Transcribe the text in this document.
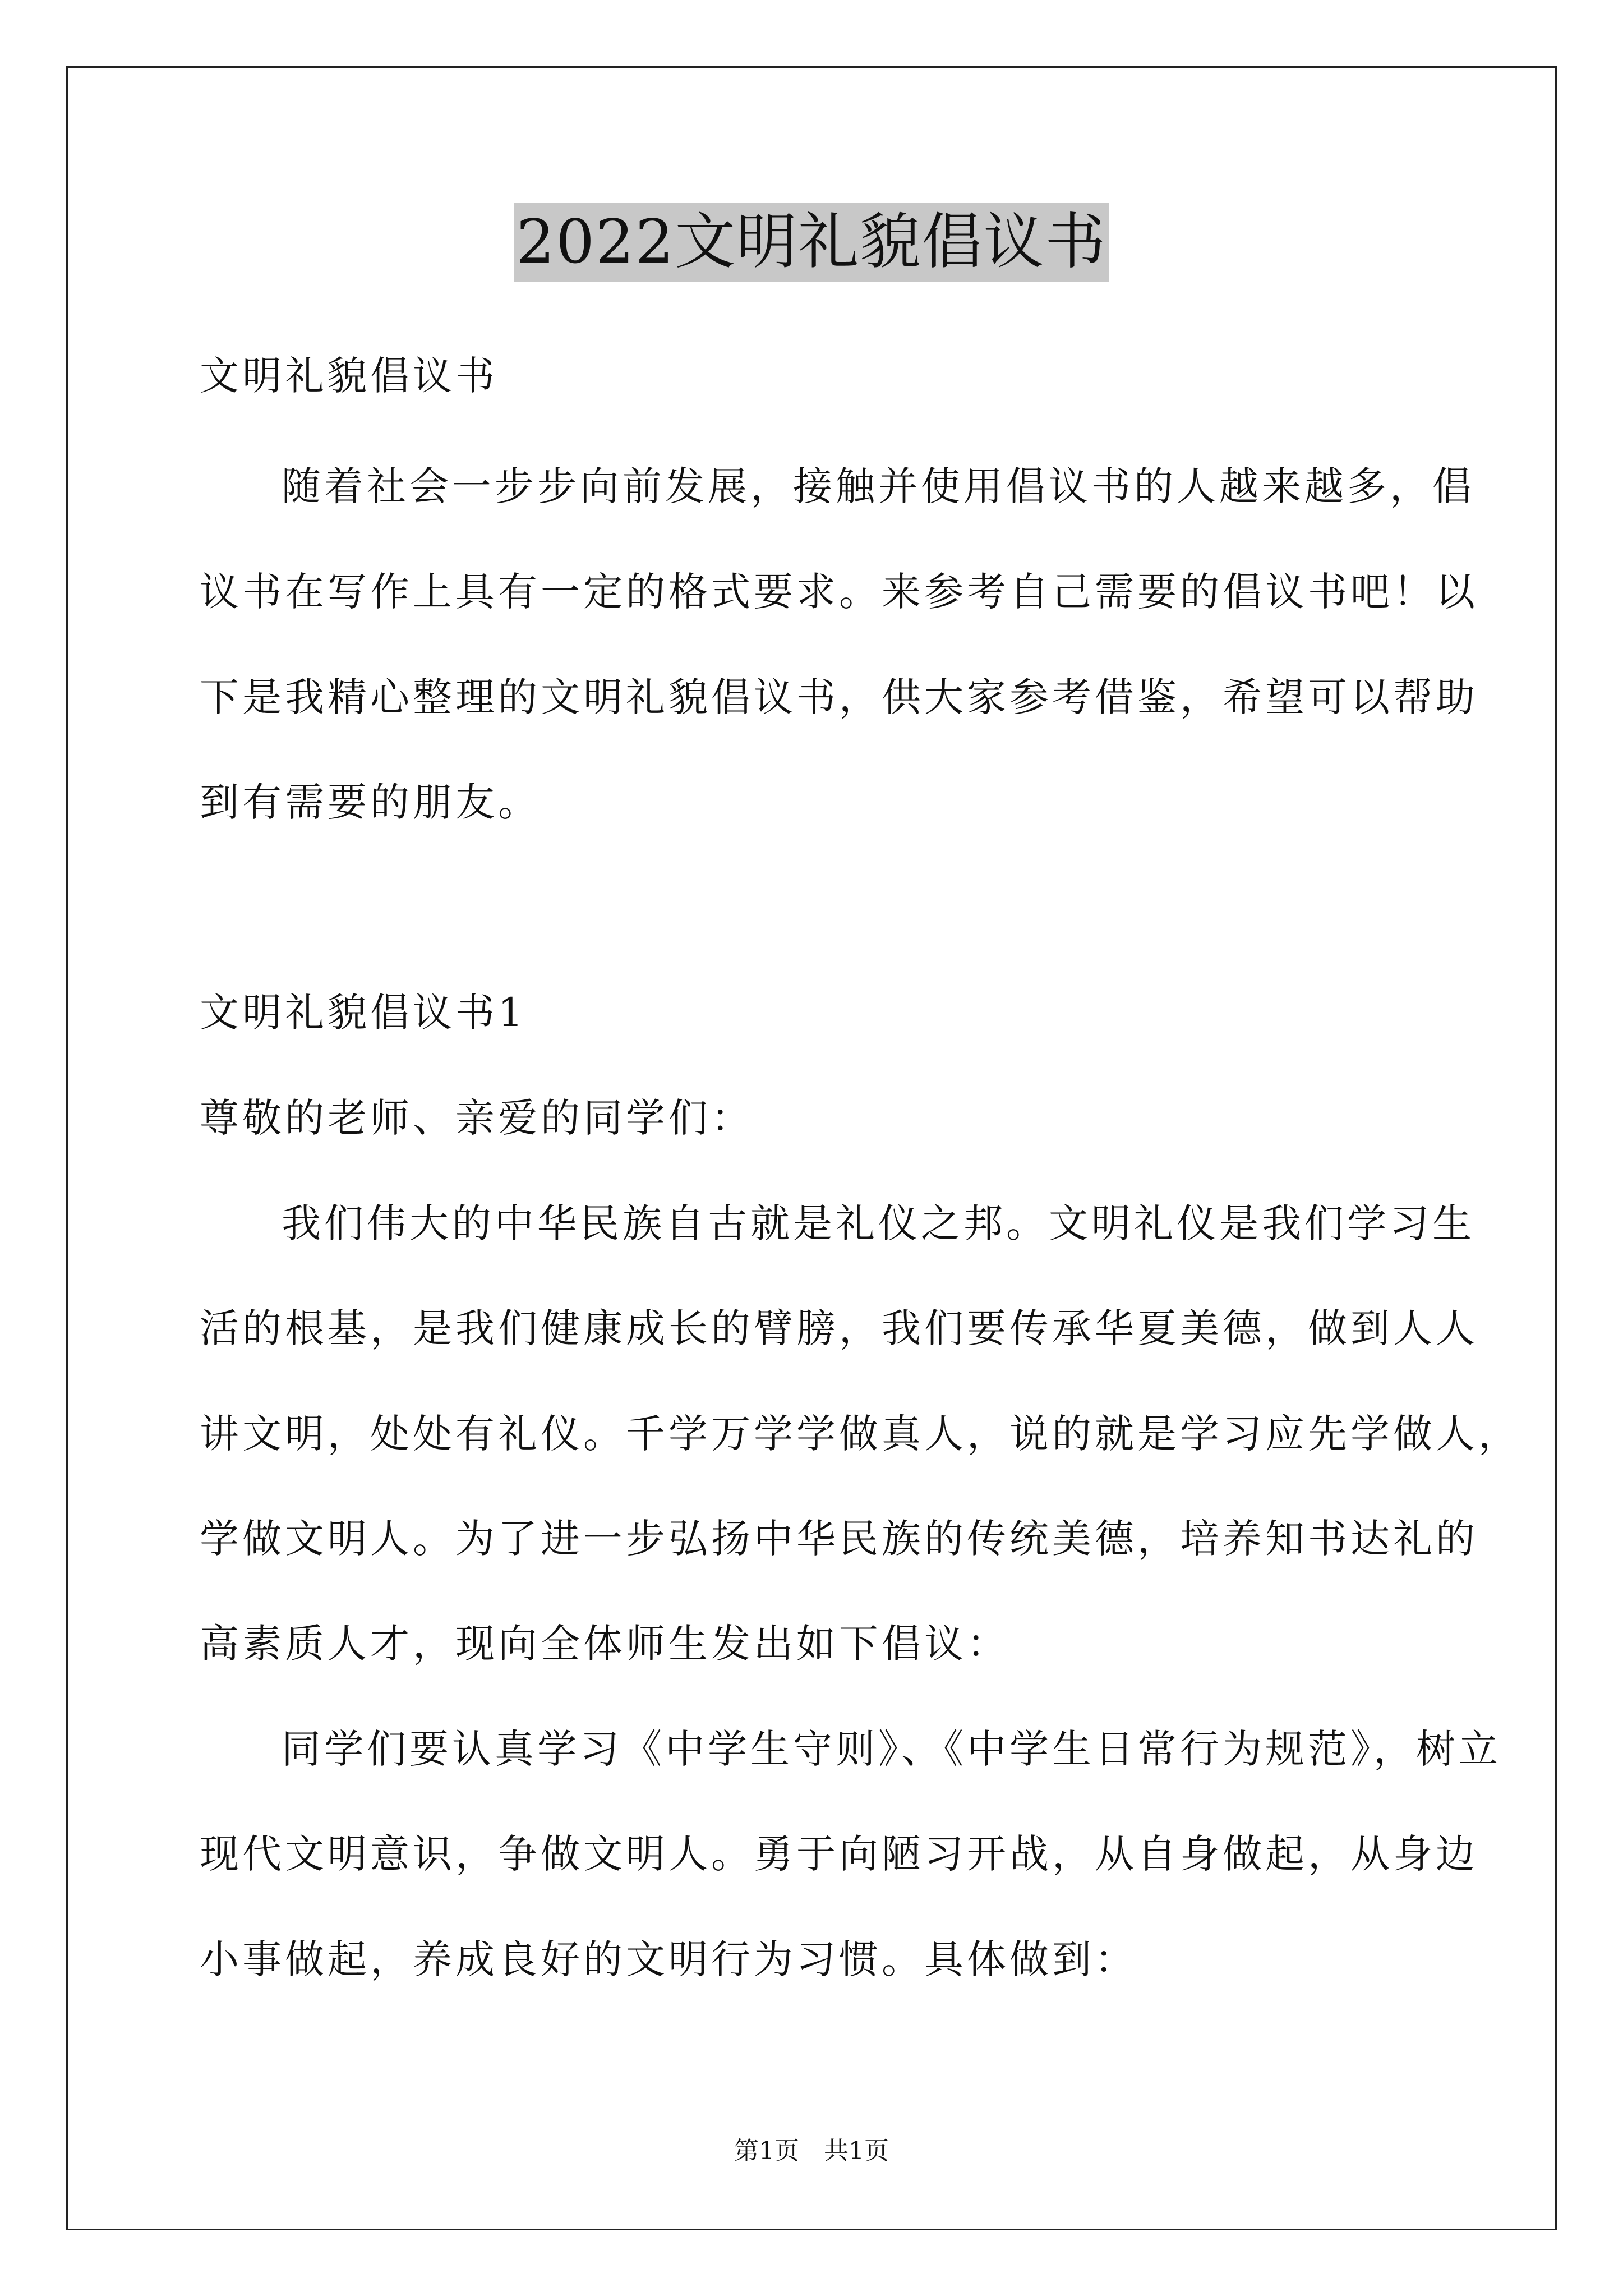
2022文明礼貌倡议书
文明礼貌倡议书
随着社会一步步向前发展，接触并使用倡议书的人越来越多，倡
议书在写作上具有一定的格式要求。来参考自己需要的倡议书吧！以
下是我精心整理的文明礼貌倡议书，供大家参考借鉴，希望可以帮助
到有需要的朋友。
文明礼貌倡议书1
尊敬的老师、亲爱的同学们：
我们伟大的中华民族自古就是礼仪之邦。文明礼仪是我们学习生
活的根基，是我们健康成长的臂膀，我们要传承华夏美德，做到人人
讲文明，处处有礼仪。千学万学学做真人，说的就是学习应先学做人，
学做文明人。为了进一步弘扬中华民族的传统美德，培养知书达礼的
高素质人才，现向全体师生发出如下倡议：
同学们要认真学习《中学生守则》、《中学生日常行为规范》，树立
现代文明意识，争做文明人。勇于向陋习开战，从自身做起，从身边
小事做起，养成良好的文明行为习惯。具体做到：
第1页　共1页
